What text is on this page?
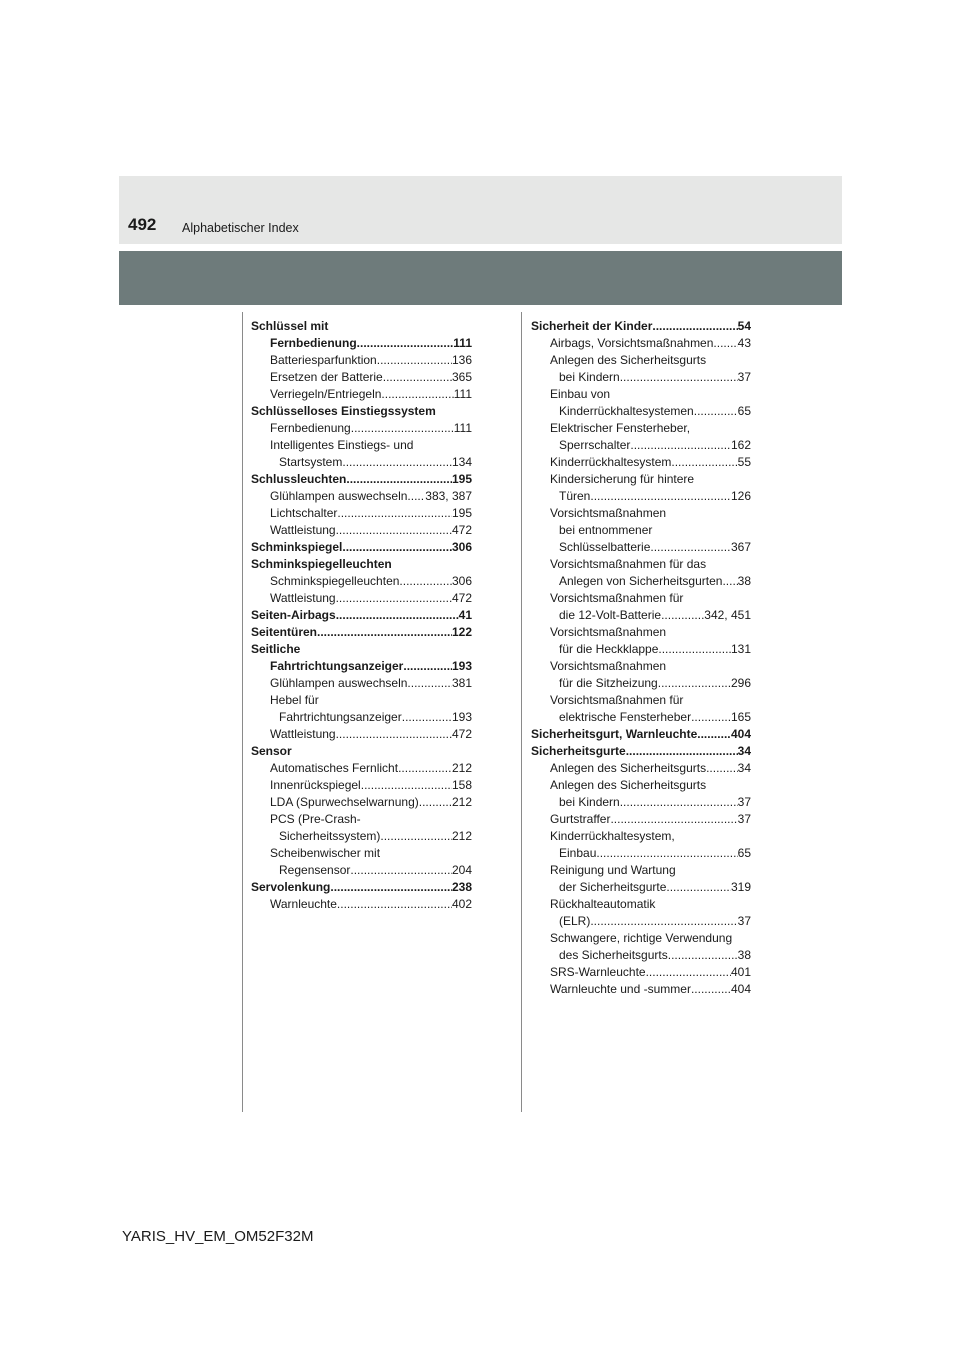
492 Alphabetischer Index
Schlüssel mit
Fernbedienung .....	111
Batteriesparfunktion .....	136
Ersetzen der Batterie .....	365
Verriegeln/Entriegeln .....	111
Schlüsselloses Einstiegssystem
Fernbedienung .....	111
Intelligentes Einstiegs- und
Startsystem .....	134
Schlussleuchten .....	195
Glühlampen auswechseln ..... 383, 387
Lichtschalter .....	195
Wattleistung .....	472
Schminkspiegel .....	306
Schminkspiegelleuchten
Schminkspiegelleuchten .....	306
Wattleistung .....	472
Seiten-Airbags .....	41
Seitentüren .....	122
Seitliche
Fahrtrichtungsanzeiger .....	193
Glühlampen auswechseln .....	381
Hebel für
Fahrtrichtungsanzeiger .....	193
Wattleistung .....	472
Sensor
Automatisches Fernlicht .....	212
Innenrückspiegel .....	158
LDA (Spurwechselwarnung) .....	212
PCS (Pre-Crash-
Sicherheitssystem) .....	212
Scheibenwischer mit
Regensensor .....	204
Servolenkung .....	238
Warnleuchte .....	402
Sicherheit der Kinder .....	54
Airbags, Vorsichtsmaßnahmen ..... 43
Anlegen des Sicherheitsgurts
bei Kindern .....	37
Einbau von
Kinderrückhaltesystemen .....	65
Elektrischer Fensterheber,
Sperrschalter .....	162
Kinderrückhaltesystem .....	55
Kindersicherung für hintere
Türen .....	126
Vorsichtsmaßnahmen
bei entnommener
Schlüsselbatterie .....	367
Vorsichtsmaßnahmen für das
Anlegen von Sicherheitsgurten ..... 38
Vorsichtsmaßnahmen für
die 12-Volt-Batterie .....	342, 451
Vorsichtsmaßnahmen
für die Heckklappe .....	131
Vorsichtsmaßnahmen
für die Sitzheizung .....	296
Vorsichtsmaßnahmen für
elektrische Fensterheber .....	165
Sicherheitsgurt, Warnleuchte .....	404
Sicherheitsgurte .....	34
Anlegen des Sicherheitsgurts .....	34
Anlegen des Sicherheitsgurts
bei Kindern .....	37
Gurtstraffer .....	37
Kinderrückhaltesystem,
Einbau .....	65
Reinigung und Wartung
der Sicherheitsgurte .....	319
Rückhalteautomatik
(ELR) .....	37
Schwangere, richtige Verwendung
des Sicherheitsgurts .....	38
SRS-Warnleuchte .....	401
Warnleuchte und -summer .....	404
YARIS_HV_EM_OM52F32M
